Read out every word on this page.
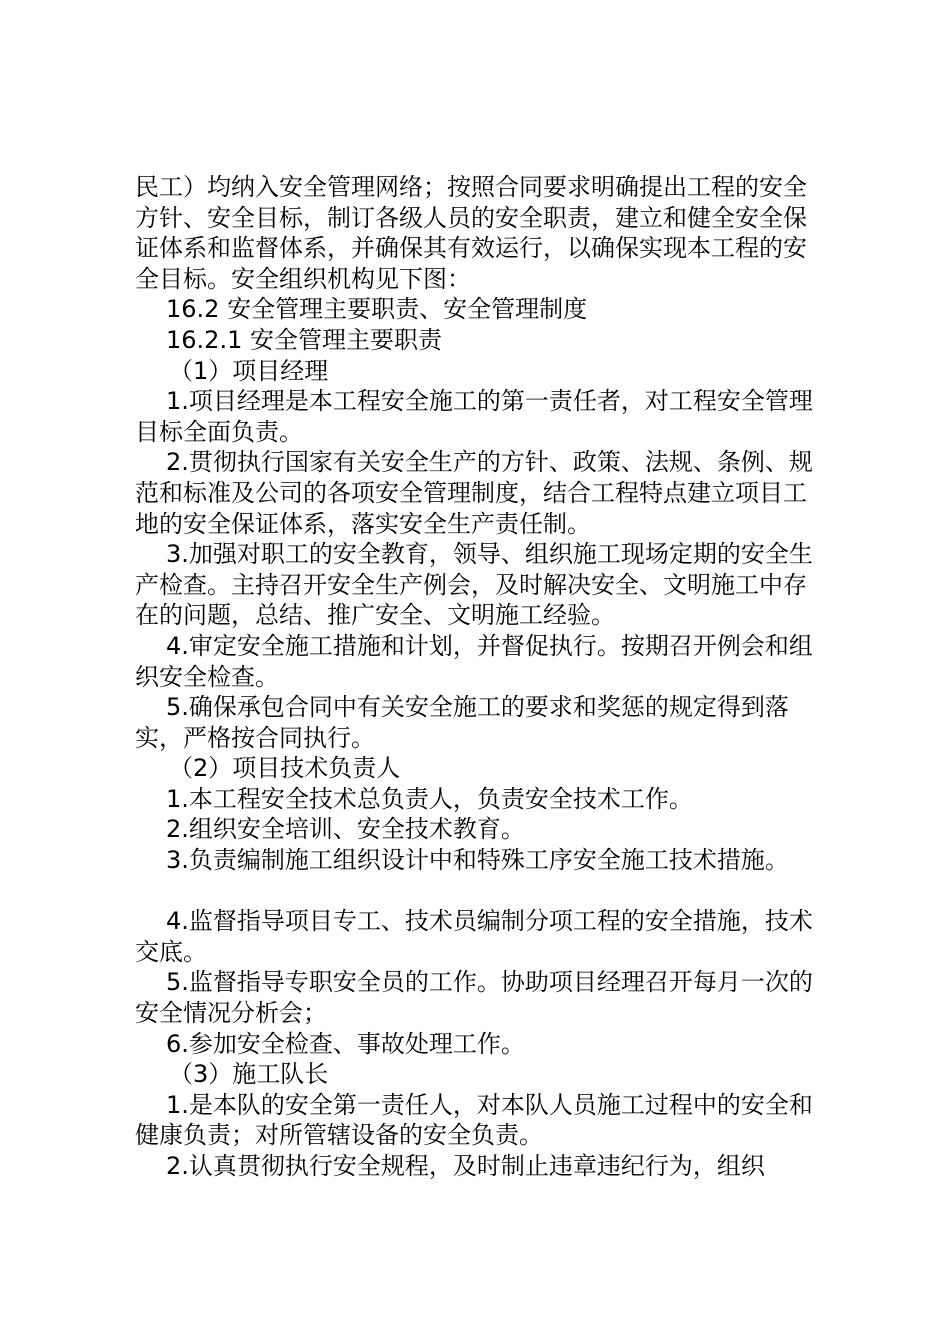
民工）均纳入安全管理网络；按照合同要求明确提出工程的安全方针、安全目标，制订各级人员的安全职责，建立和健全安全保证体系和监督体系，并确保其有效运行，以确保实现本工程的安全目标。安全组织机构见下图：

16.2 安全管理主要职责、安全管理制度

16.2.1 安全管理主要职责

（1）项目经理

1.项目经理是本工程安全施工的第一责任者，对工程安全管理目标全面负责。

2.贯彻执行国家有关安全生产的方针、政策、法规、条例、规范和标准及公司的各项安全管理制度，结合工程特点建立项目工地的安全保证体系，落实安全生产责任制。

3.加强对职工的安全教育，领导、组织施工现场定期的安全生产检查。主持召开安全生产例会，及时解决安全、文明施工中存在的问题，总结、推广安全、文明施工经验。

4.审定安全施工措施和计划，并督促执行。按期召开例会和组织安全检查。

5.确保承包合同中有关安全施工的要求和奖惩的规定得到落实，严格按合同执行。

（2）项目技术负责人

1.本工程安全技术总负责人，负责安全技术工作。

2.组织安全培训、安全技术教育。

3.负责编制施工组织设计中和特殊工序安全施工技术措施。

4.监督指导项目专工、技术员编制分项工程的安全措施，技术交底。

5.监督指导专职安全员的工作。协助项目经理召开每月一次的安全情况分析会；

6.参加安全检查、事故处理工作。

（3）施工队长

1.是本队的安全第一责任人，对本队人员施工过程中的安全和健康负责；对所管辖设备的安全负责。

2.认真贯彻执行安全规程，及时制止违章违纪行为，组织
